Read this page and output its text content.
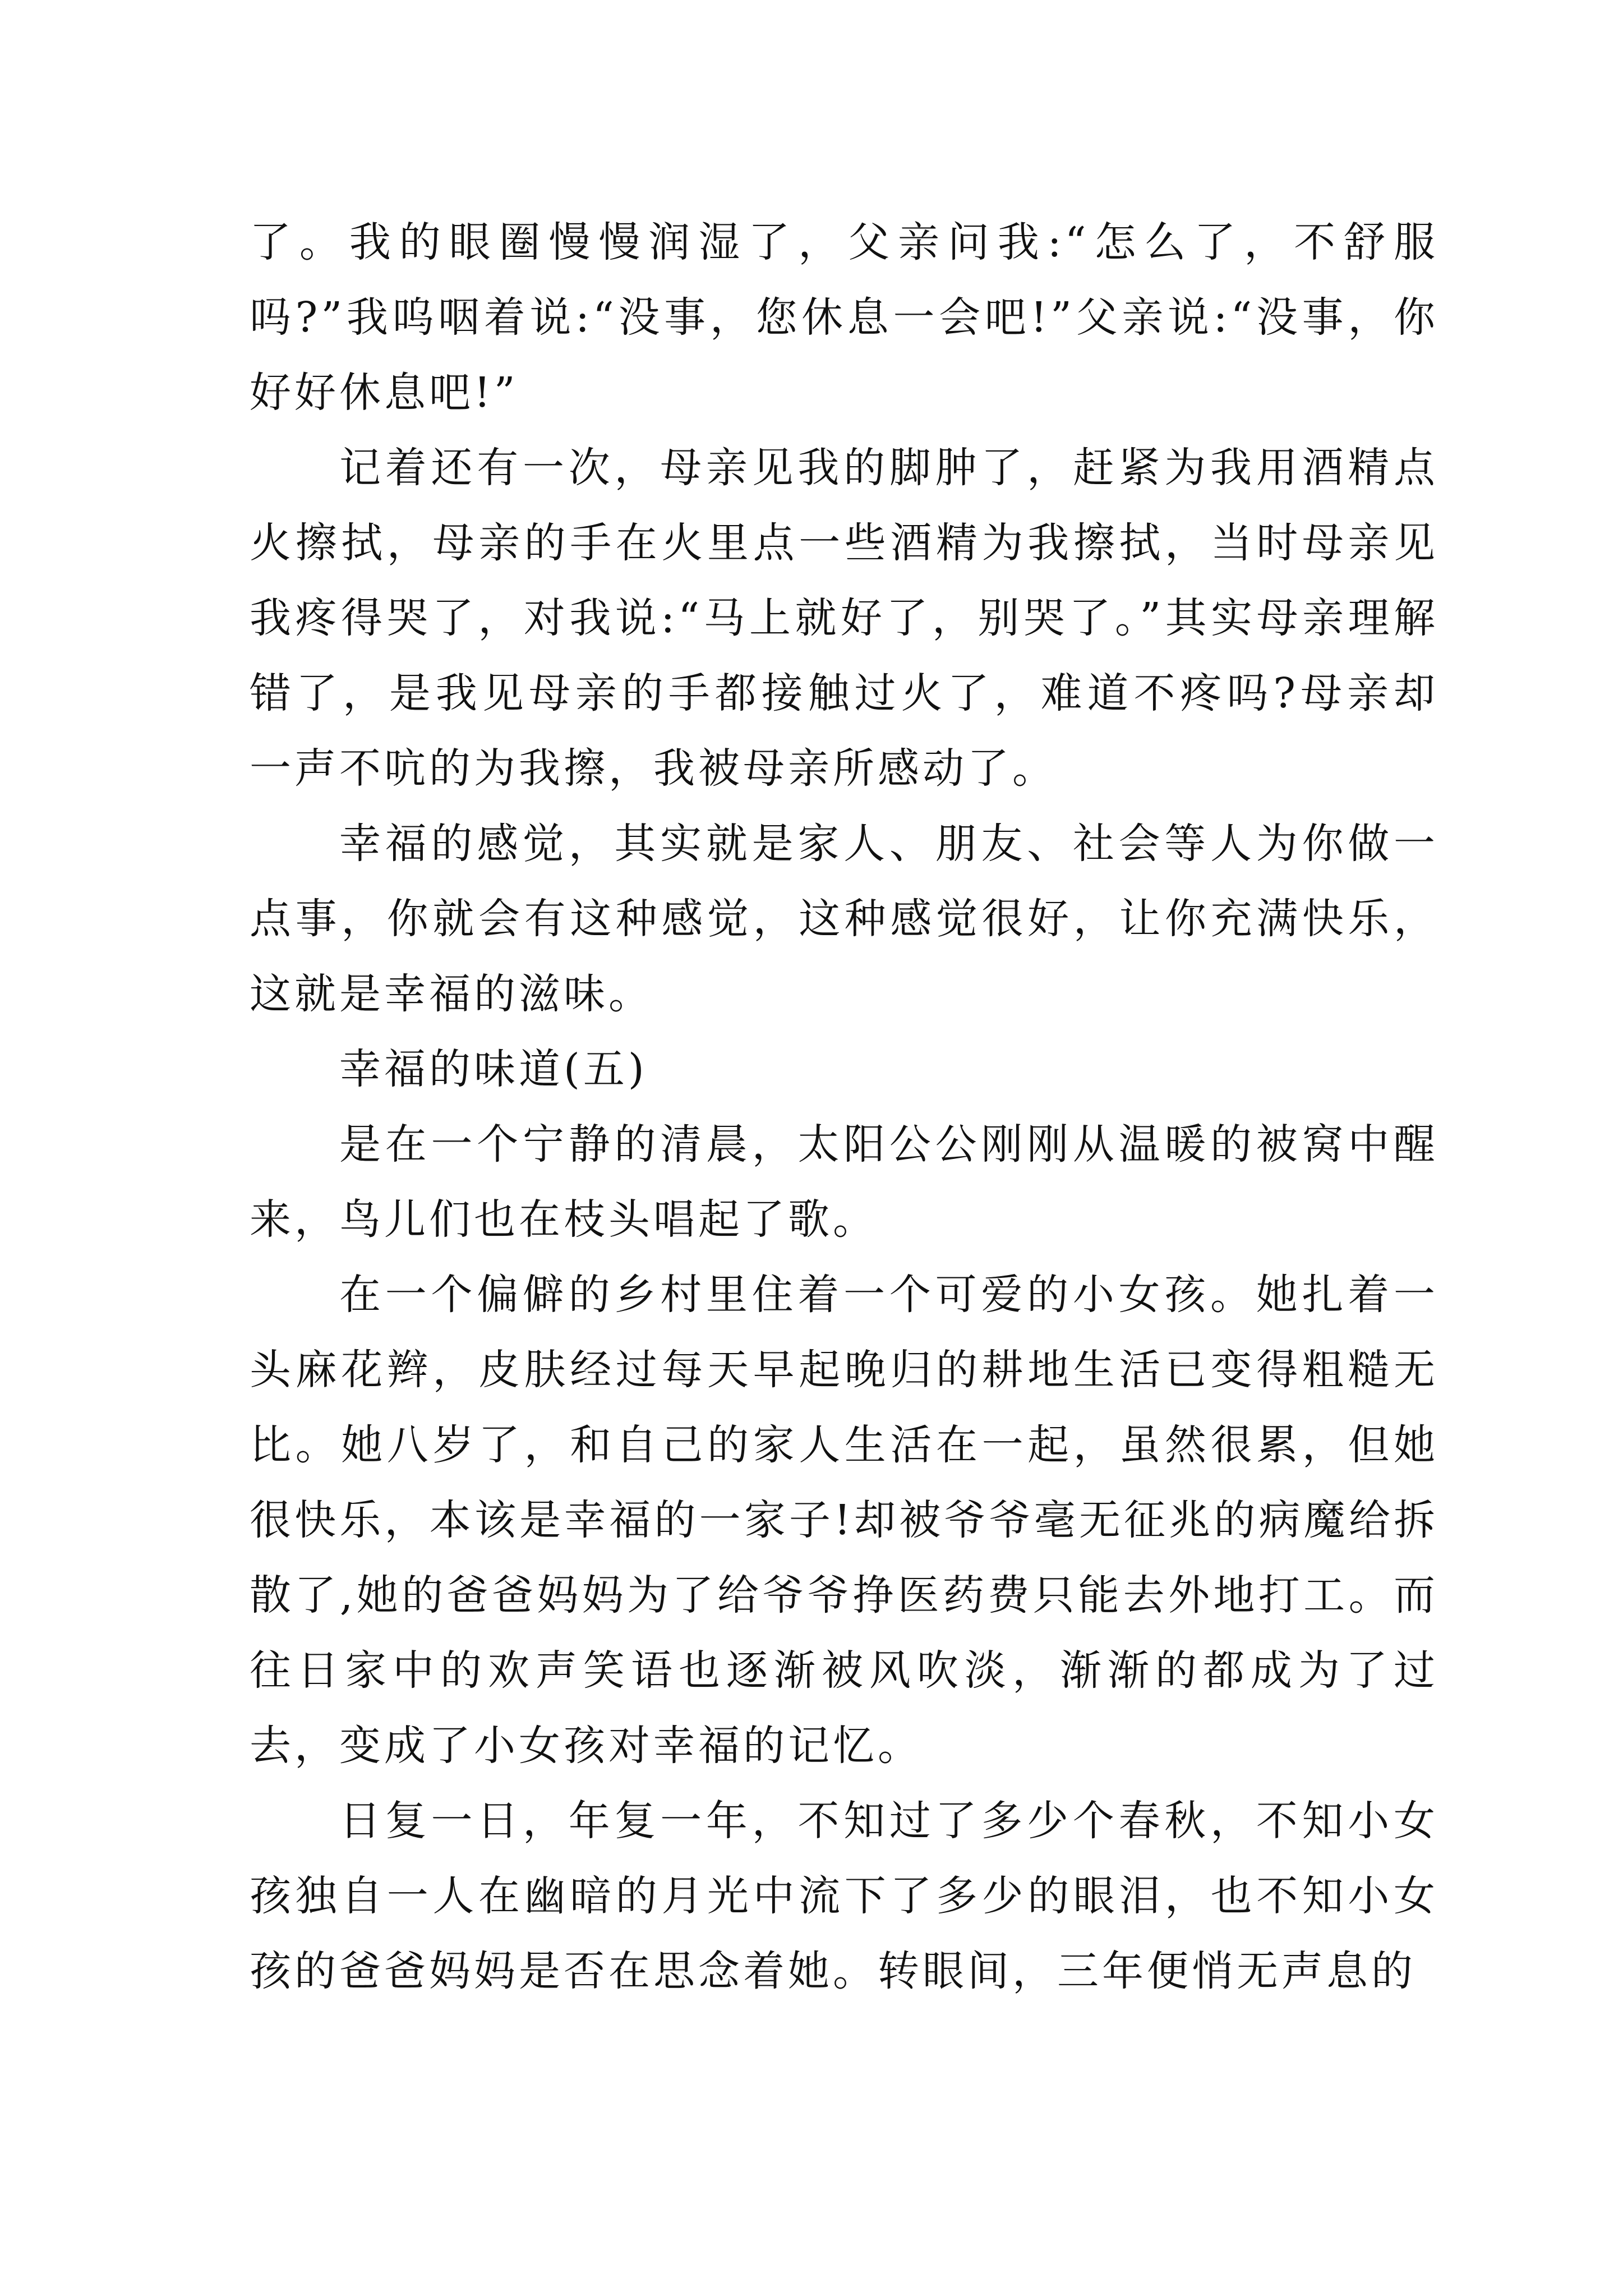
了。我的眼圈慢慢润湿了，父亲问我:“怎么了，不舒服吗?”我呜咽着说:“没事，您休息一会吧!”父亲说:“没事，你好好休息吧!”

记着还有一次，母亲见我的脚肿了，赶紧为我用酒精点火擦拭，母亲的手在火里点一些酒精为我擦拭，当时母亲见我疼得哭了，对我说:“马上就好了，别哭了。”其实母亲理解错了，是我见母亲的手都接触过火了，难道不疼吗?母亲却一声不吭的为我擦，我被母亲所感动了。

幸福的感觉，其实就是家人、朋友、社会等人为你做一点事，你就会有这种感觉，这种感觉很好，让你充满快乐，这就是幸福的滋味。

幸福的味道(五)

是在一个宁静的清晨，太阳公公刚刚从温暖的被窝中醒来，鸟儿们也在枝头唱起了歌。

在一个偏僻的乡村里住着一个可爱的小女孩。她扎着一头麻花辫，皮肤经过每天早起晚归的耕地生活已变得粗糙无比。她八岁了，和自己的家人生活在一起，虽然很累，但她很快乐，本该是幸福的一家子!却被爷爷毫无征兆的病魔给拆散了,她的爸爸妈妈为了给爷爷挣医药费只能去外地打工。而往日家中的欢声笑语也逐渐被风吹淡，渐渐的都成为了过去，变成了小女孩对幸福的记忆。

日复一日，年复一年，不知过了多少个春秋，不知小女孩独自一人在幽暗的月光中流下了多少的眼泪，也不知小女孩的爸爸妈妈是否在思念着她。转眼间，三年便悄无声息的
